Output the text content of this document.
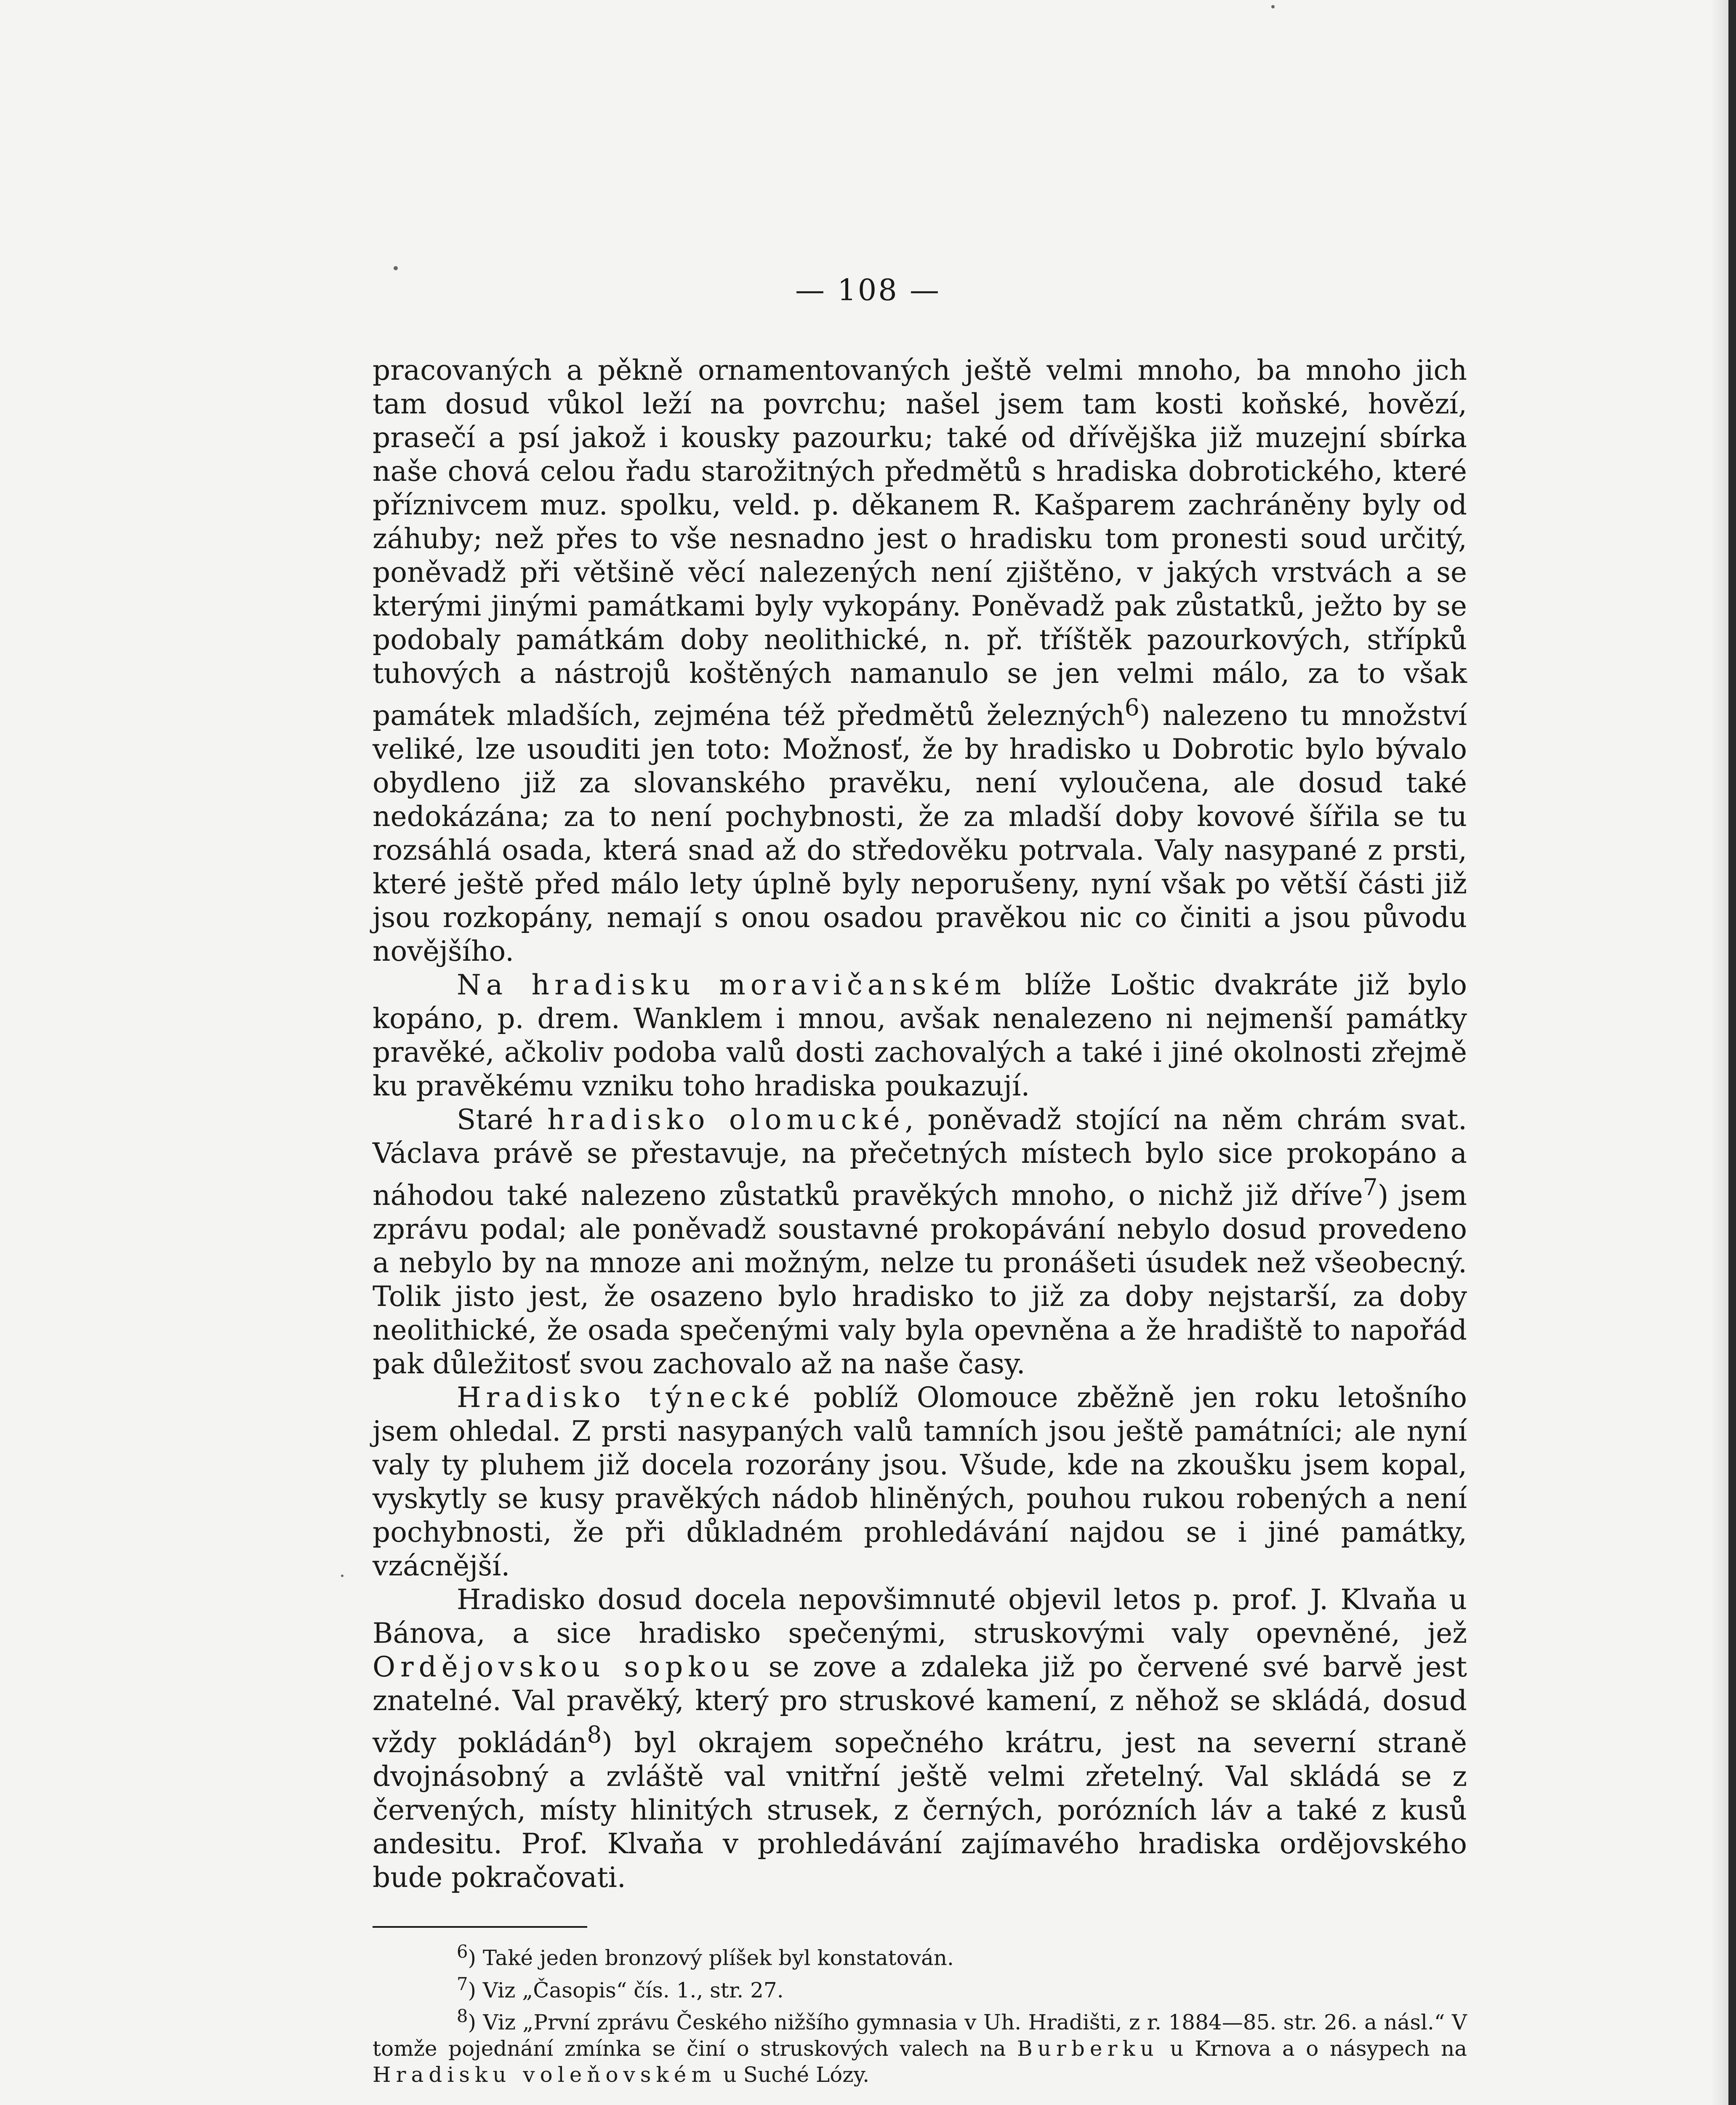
— 108 —

pracovaných a pěkně ornamentovaných ještě velmi mnoho, ba mnoho jich tam dosud vůkol leží na povrchu; našel jsem tam kosti koňské, hovězí, prasečí a psí jakož i kousky pazourku; také od dřívějška již muzejní sbírka naše chová celou řadu starožitných předmětů s hradiska dobrotického, které příznivcem muz. spolku, veld. p. děkanem R. Kašparem zachráněny byly od záhuby; než přes to vše nesnadno jest o hradisku tom pronesti soud určitý, poněvadž při většině věcí nalezených není zjištěno, v jakých vrstvách a se kterými jinými památkami byly vykopány. Poněvadž pak zůstatků, ježto by se podobaly památkám doby neolithické, n. př. tříštěk pazourkových, střípků tuhových a nástrojů koštěných namanulo se jen velmi málo, za to však památek mladších, zejména též předmětů železných$^6$) nalezeno tu množství veliké, lze usouditi jen toto: Možnosť, že by hradisko u Dobrotic bylo bývalo obydleno již za slovanského pravěku, není vyloučena, ale dosud také nedokázána; za to není pochybnosti, že za mladší doby kovové šířila se tu rozsáhlá osada, která snad až do středověku potrvala. Valy nasypané z prsti, které ještě před málo lety úplně byly neporušeny, nyní však po větší části již jsou rozkopány, nemají s onou osadou pravěkou nic co činiti a jsou původu novějšího.

Na hradisku moravičanském blíže Loštic dvakráte již bylo kopáno, p. drem. Wanklem i mnou, avšak nenalezeno ni nejmenší památky pravěké, ačkoliv podoba valů dosti zachovalých a také i jiné okolnosti zřejmě ku pravěkému vzniku toho hradiska poukazují.

Staré hradisko olomucké, poněvadž stojící na něm chrám svat. Václava právě se přestavuje, na přečetných místech bylo sice prokopáno a náhodou také nalezeno zůstatků pravěkých mnoho, o nichž již dříve$^7$) jsem zprávu podal; ale poněvadž soustavné prokopávání nebylo dosud provedeno a nebylo by na mnoze ani možným, nelze tu pronášeti úsudek než všeobecný. Tolik jisto jest, že osazeno bylo hradisko to již za doby nejstarší, za doby neolithické, že osada spečenými valy byla opevněna a že hradiště to napořád pak důležitosť svou zachovalo až na naše časy.

Hradisko týnecké poblíž Olomouce zběžně jen roku letošního jsem ohledal. Z prsti nasypaných valů tamních jsou ještě památníci; ale nyní valy ty pluhem již docela rozorány jsou. Všude, kde na zkoušku jsem kopal, vyskytly se kusy pravěkých nádob hliněných, pouhou rukou robených a není pochybnosti, že při důkladném prohledávání najdou se i jiné památky, vzácnější.

Hradisko dosud docela nepovšimnuté objevil letos p. prof. J. Klvaňa u Bánova, a sice hradisko spečenými, struskovými valy opevněné, jež Ordějovskou sopkou se zove a zdaleka již po červené své barvě jest znatelné. Val pravěký, který pro struskové kamení, z něhož se skládá, dosud vždy pokládán$^8$) byl okrajem sopečného krátru, jest na severní straně dvojnásobný a zvláště val vnitřní ještě velmi zřetelný. Val skládá se z červených, místy hlinitých strusek, z černých, porózních láv a také z kusů andesitu. Prof. Klvaňa v prohledávání zajímavého hradiska ordějovského bude pokračovati.

$^6$) Také jeden bronzový plíšek byl konstatován.

$^7$) Viz „Časopis“ čís. 1., str. 27.

$^8$) Viz „První zprávu Českého nižšího gymnasia v Uh. Hradišti, z r. 1884—85. str. 26. a násl.“ V tomže pojednání zmínka se činí o struskových valech na Burberku u Krnova a o násypech na Hradisku voleňovském u Suché Lózy.
